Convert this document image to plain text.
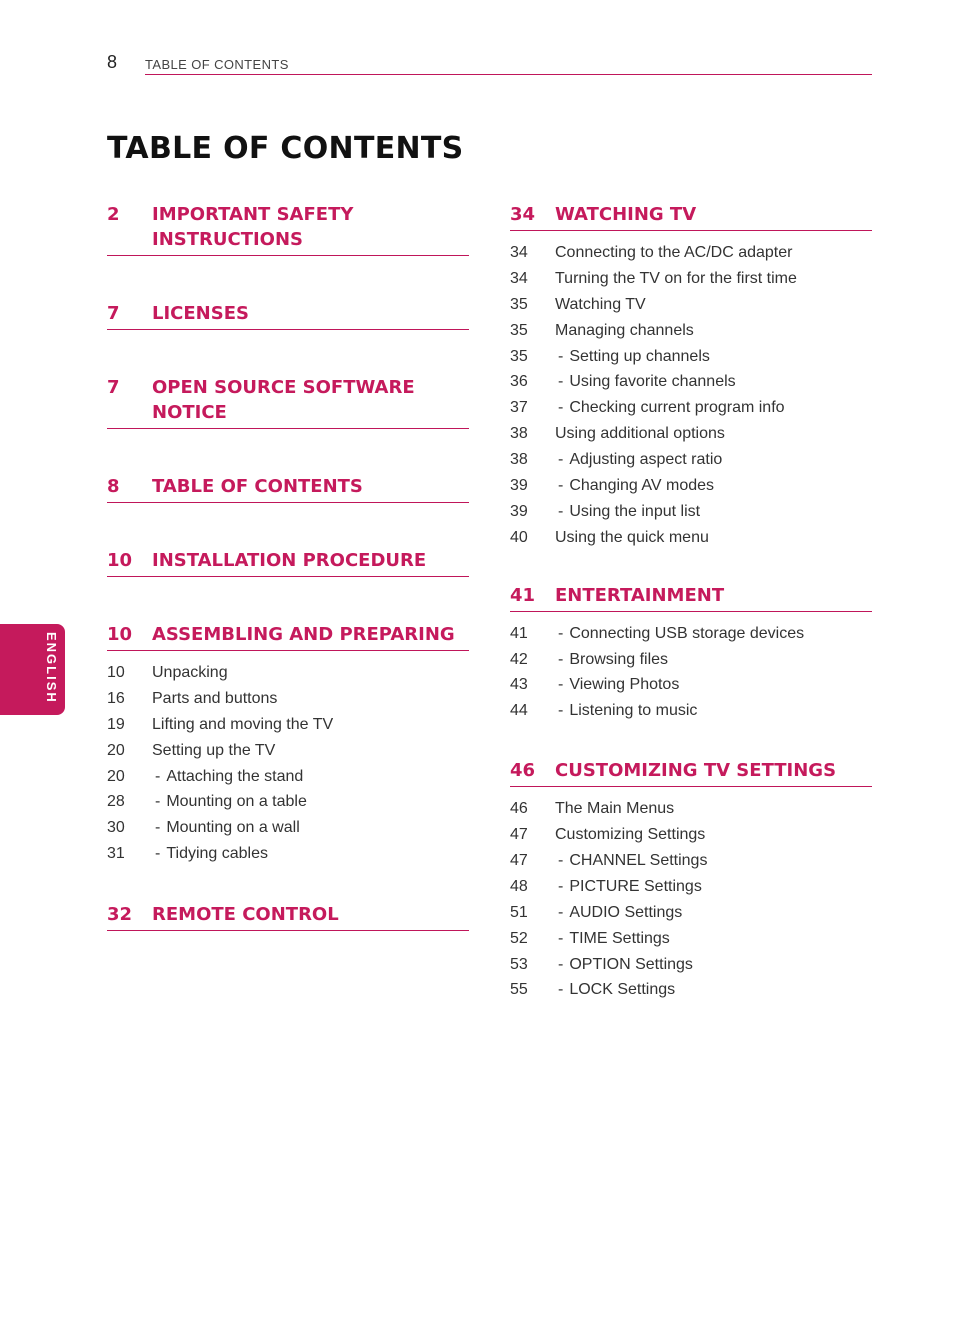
8 TABLE OF CONTENTS
TABLE OF CONTENTS
ENGLISH
2 IMPORTANT SAFETY INSTRUCTIONS
7 LICENSES
7 OPEN SOURCE SOFTWARE NOTICE
8 TABLE OF CONTENTS
10 INSTALLATION PROCEDURE
10 ASSEMBLING AND PREPARING
10 Unpacking
16 Parts and buttons
19 Lifting and moving the TV
20 Setting up the TV
20	- Attaching the stand
28	- Mounting on a table
30	- Mounting on a wall
31	- Tidying cables
32 REMOTE CONTROL
34 WATCHING TV
34 Connecting to the AC/DC adapter
34 Turning the TV on for the first time
35 Watching TV
35 Managing channels
35	- Setting up channels
36	- Using favorite channels
37	- Checking current program info
38 Using additional options
38	- Adjusting aspect ratio
39	- Changing AV modes
39	- Using the input list
40 Using the quick menu
41 ENTERTAINMENT
41	- Connecting USB storage devices
42	- Browsing files
43	- Viewing Photos
44	- Listening to music
46 CUSTOMIZING TV SETTINGS
46 The Main Menus
47 Customizing Settings
47	- CHANNEL Settings
48	- PICTURE Settings
51	- AUDIO Settings
52	- TIME Settings
53	- OPTION Settings
55	- LOCK Settings
